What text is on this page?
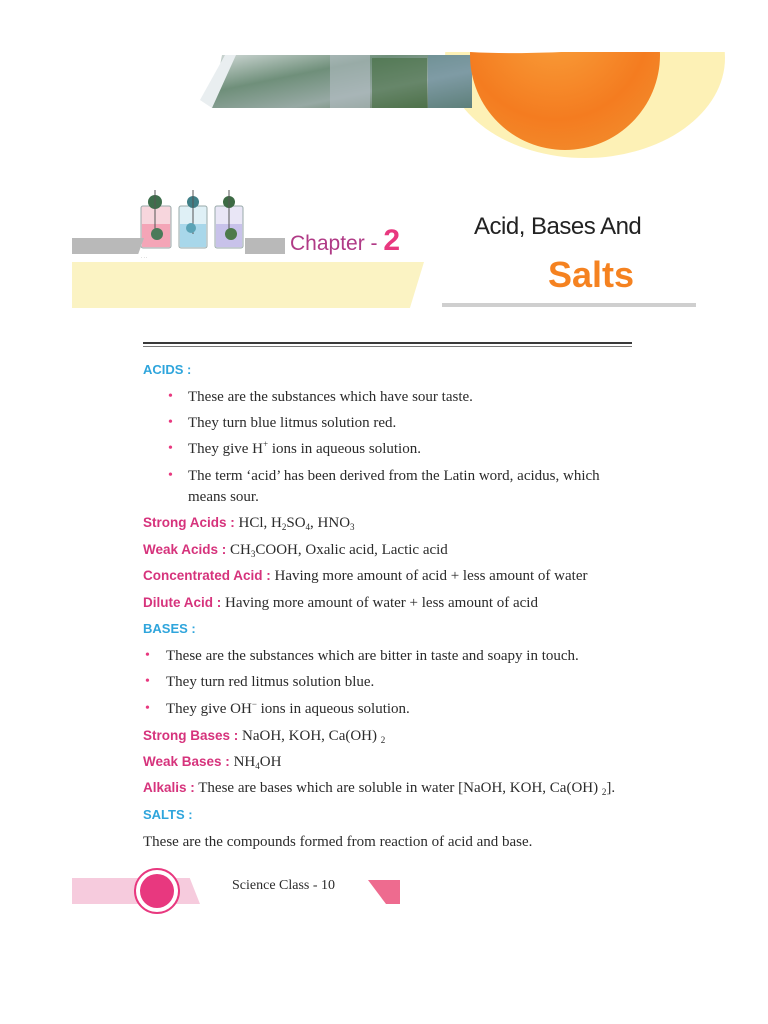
· · ·
Chapter - 2	Acid, Bases And
Salts
ACIDS :
• These are the substances which have sour taste.
• They turn blue litmus solution red.
• They give H+ ions in aqueous solution.
• The term ‘acid’ has been derived from the Latin word, acidus, which
means sour.
Strong Acids : HCl, $H_2SO_4$, $HNO_3$
Weak Acids : $CH_3COOH$, Oxalic acid, Lactic acid
Concentrated Acid : Having more amount of acid + less amount of water
Dilute Acid : Having more amount of water + less amount of acid
BASES :
• These are the substances which are bitter in taste and soapy in touch.
• They turn red litmus solution blue.
• They give OH− ions in aqueous solution.
Strong Bases : NaOH, KOH, Ca(OH) $_2$
Weak Bases : $NH_4OH$
Alkalis : These are bases which are soluble in water [NaOH, KOH, Ca(OH) $_2$].
SALTS :
These are the compounds formed from reaction of acid and base.
Science Class - 10
